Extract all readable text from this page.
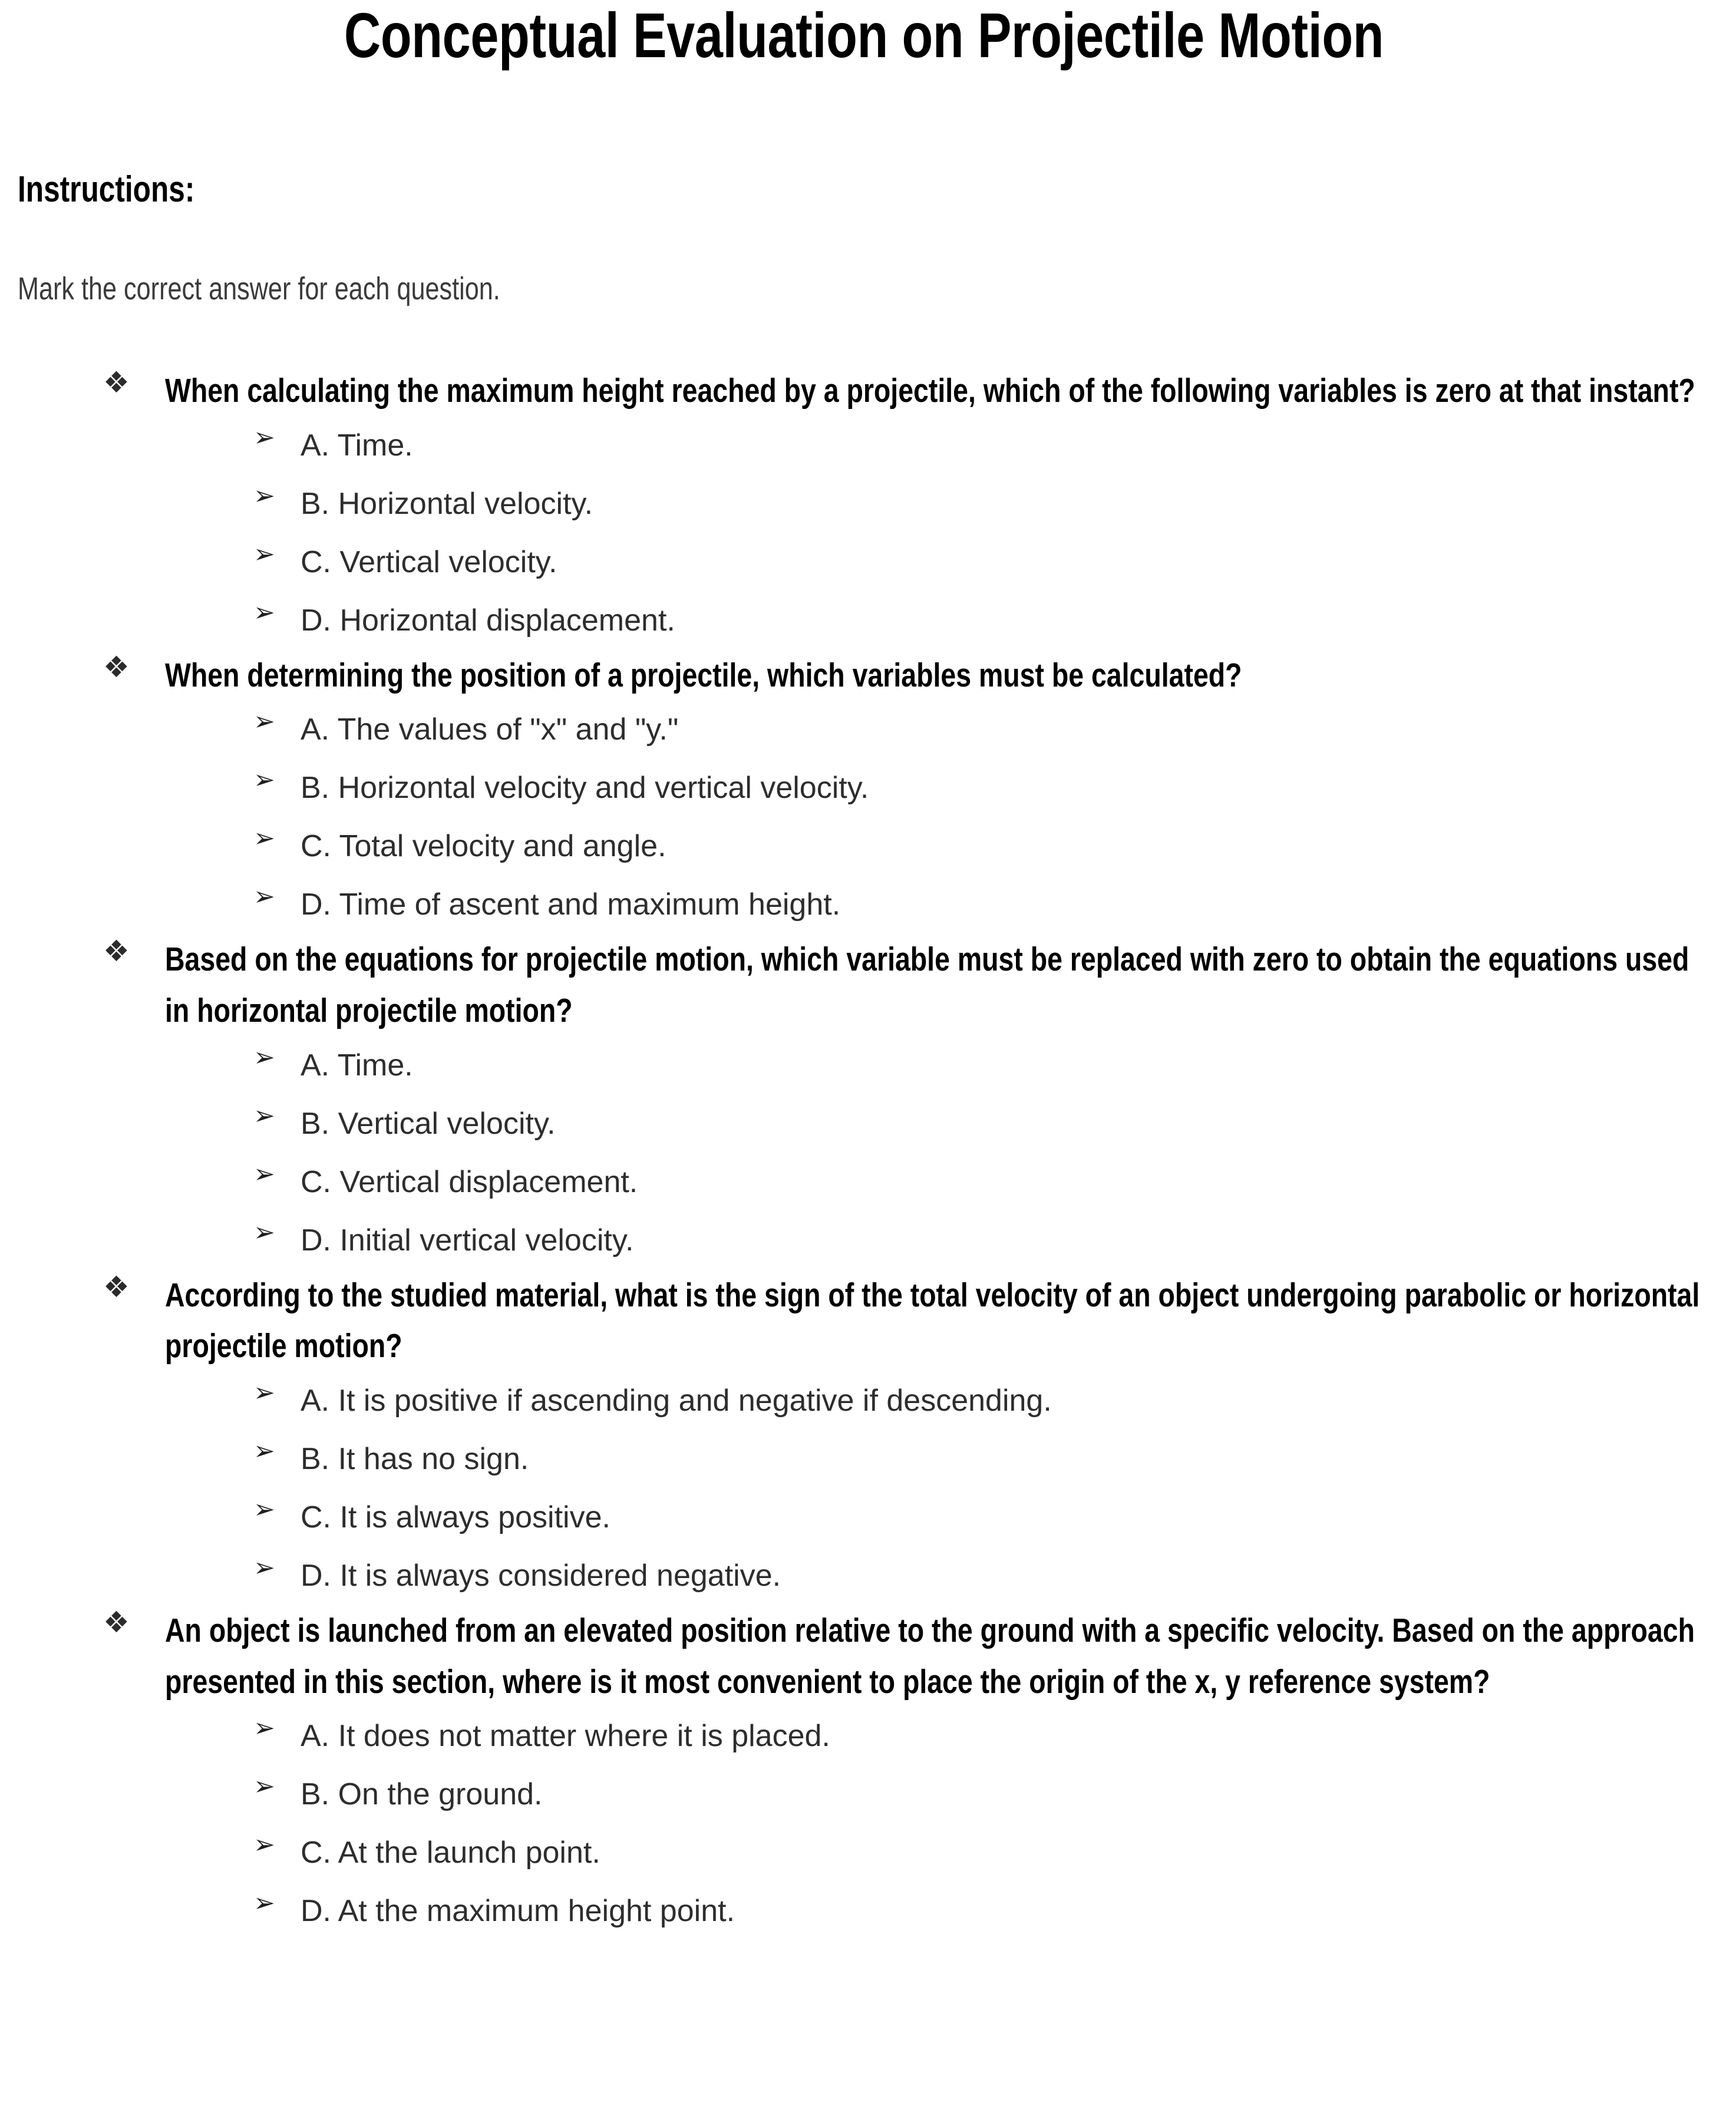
Conceptual Evaluation on Projectile Motion
Instructions:
Mark the correct answer for each question.
❖ When calculating the maximum height reached by a projectile, which of the following variables is zero at that instant?
➢ A. Time.
➢ B. Horizontal velocity.
➢ C. Vertical velocity.
➢ D. Horizontal displacement.
❖ When determining the position of a projectile, which variables must be calculated?
➢ A. The values of "x" and "y."
➢ B. Horizontal velocity and vertical velocity.
➢ C. Total velocity and angle.
➢ D. Time of ascent and maximum height.
❖ Based on the equations for projectile motion, which variable must be replaced with zero to obtain the equations used in horizontal projectile motion?
➢ A. Time.
➢ B. Vertical velocity.
➢ C. Vertical displacement.
➢ D. Initial vertical velocity.
❖ According to the studied material, what is the sign of the total velocity of an object undergoing parabolic or horizontal projectile motion?
➢ A. It is positive if ascending and negative if descending.
➢ B. It has no sign.
➢ C. It is always positive.
➢ D. It is always considered negative.
❖ An object is launched from an elevated position relative to the ground with a specific velocity. Based on the approach presented in this section, where is it most convenient to place the origin of the x, y reference system?
➢ A. It does not matter where it is placed.
➢ B. On the ground.
➢ C. At the launch point.
➢ D. At the maximum height point.
